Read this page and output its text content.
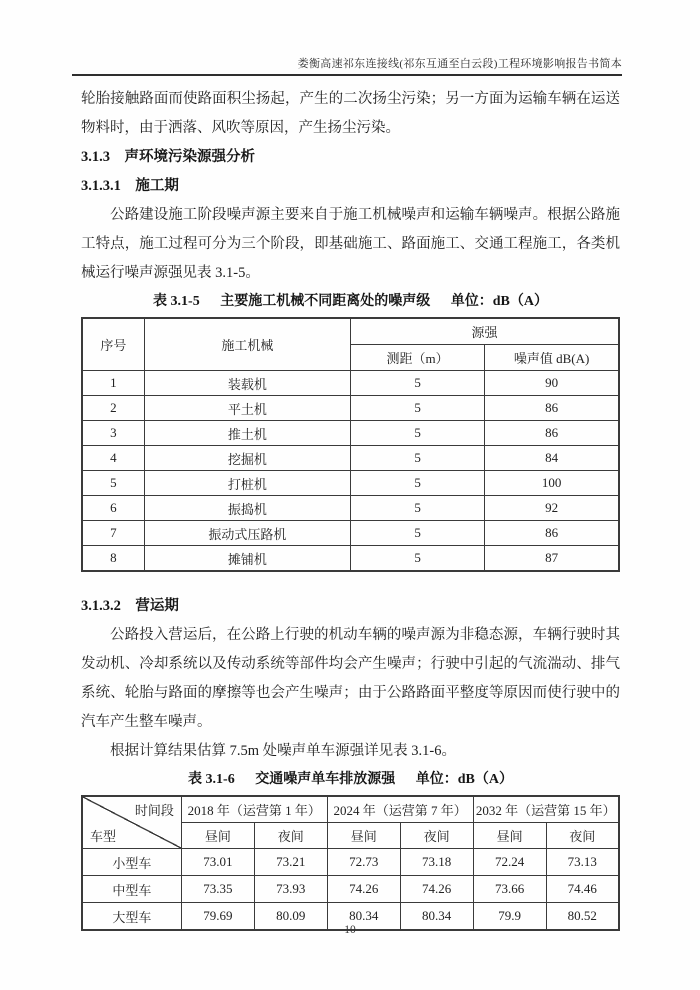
娄衡高速祁东连接线(祁东互通至白云段)工程环境影响报告书简本

轮胎接触路面而使路面积尘扬起，产生的二次扬尘污染；另一方面为运输车辆在运送物料时，由于洒落、风吹等原因，产生扬尘污染。

3.1.3　声环境污染源强分析
3.1.3.1　施工期

公路建设施工阶段噪声源主要来自于施工机械噪声和运输车辆噪声。根据公路施工特点，施工过程可分为三个阶段，即基础施工、路面施工、交通工程施工，各类机械运行噪声源强见表 3.1-5。

表 3.1-5 主要施工机械不同距离处的噪声级 单位：dB（A）
序号	施工机械	源强	
		测距（m）	噪声值 dB(A)
1	装载机	5	90
2	平土机	5	86
3	推土机	5	86
4	挖掘机	5	84
5	打桩机	5	100
6	振捣机	5	92
7	振动式压路机	5	86
8	摊铺机	5	87
3.1.3.2　营运期

公路投入营运后，在公路上行驶的机动车辆的噪声源为非稳态源，车辆行驶时其发动机、冷却系统以及传动系统等部件均会产生噪声；行驶中引起的气流湍动、排气系统、轮胎与路面的摩擦等也会产生噪声；由于公路路面平整度等原因而使行驶中的汽车产生整车噪声。

根据计算结果估算 7.5m 处噪声单车源强详见表 3.1-6。

表 3.1-6 交通噪声单车排放源强 单位：dB（A）
时间段
车型	2018 年（运营第 1 年）		2024 年（运营第 7 年）		2032 年（运营第 15 年）	
	昼间	夜间	昼间	夜间	昼间	夜间
小型车	73.01	73.21	72.73	73.18	72.24	73.13
中型车	73.35	73.93	74.26	74.26	73.66	74.46
大型车	79.69	80.09	80.34	80.34	79.9	80.52
10
